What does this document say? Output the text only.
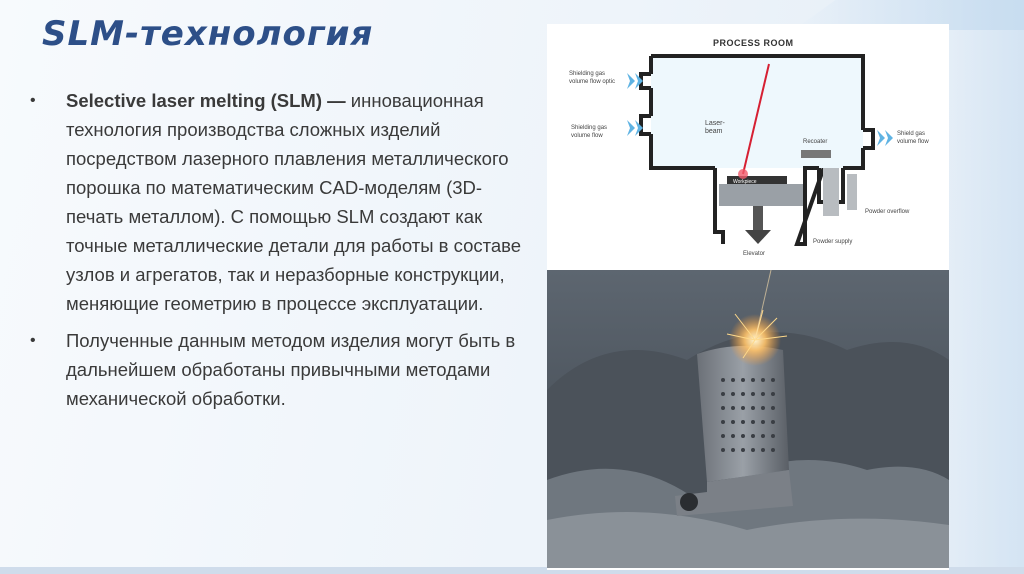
SLM-технология
• Selective laser melting (SLM) — инновационная технология производства сложных изделий посредством лазерного плавления металлического порошка по математическим CAD-моделям (3D-печать металлом). С помощью SLM создают как точные металлические детали для работы в составе узлов и агрегатов, так и неразборные конструкции, меняющие геометрию в процессе эксплуатации.
• Полученные данным методом изделия могут быть в дальнейшем обработаны привычными методами механической обработки.
PROCESS ROOM
Shielding gas
volume flow optic
Shielding gas
volume flow
Laser-
beam
Workpiece
Recoater
Shield gas
volume flow
Powder overflow
Powder supply
Elevator
